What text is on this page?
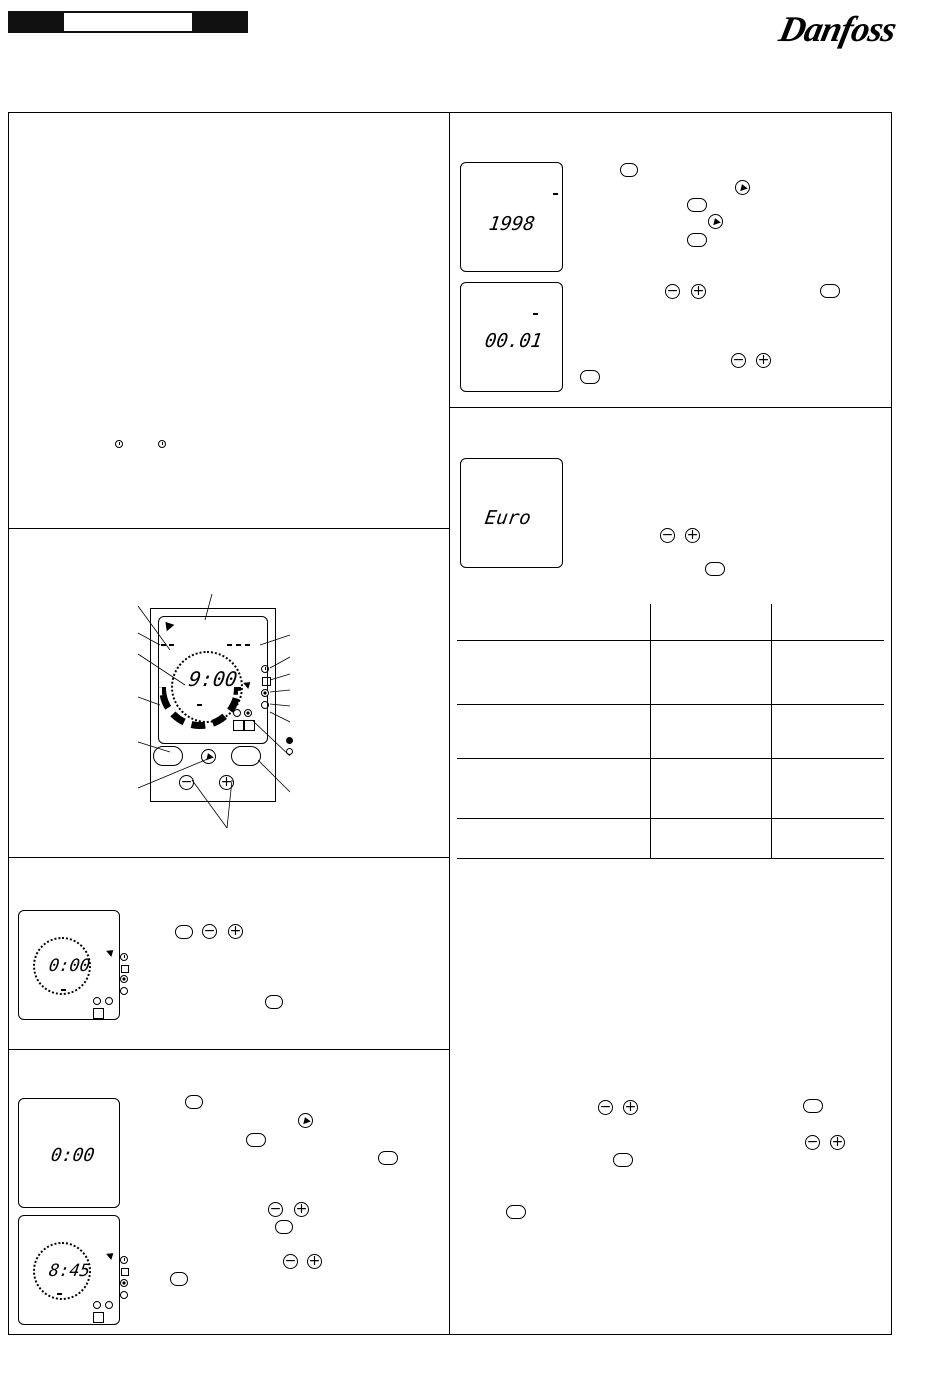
Danfoss
9:00
− +
0:00
− +
0:00
8:45
− +
− +
1998
00.01
− +
− +
Euro
− +
− +
− +
